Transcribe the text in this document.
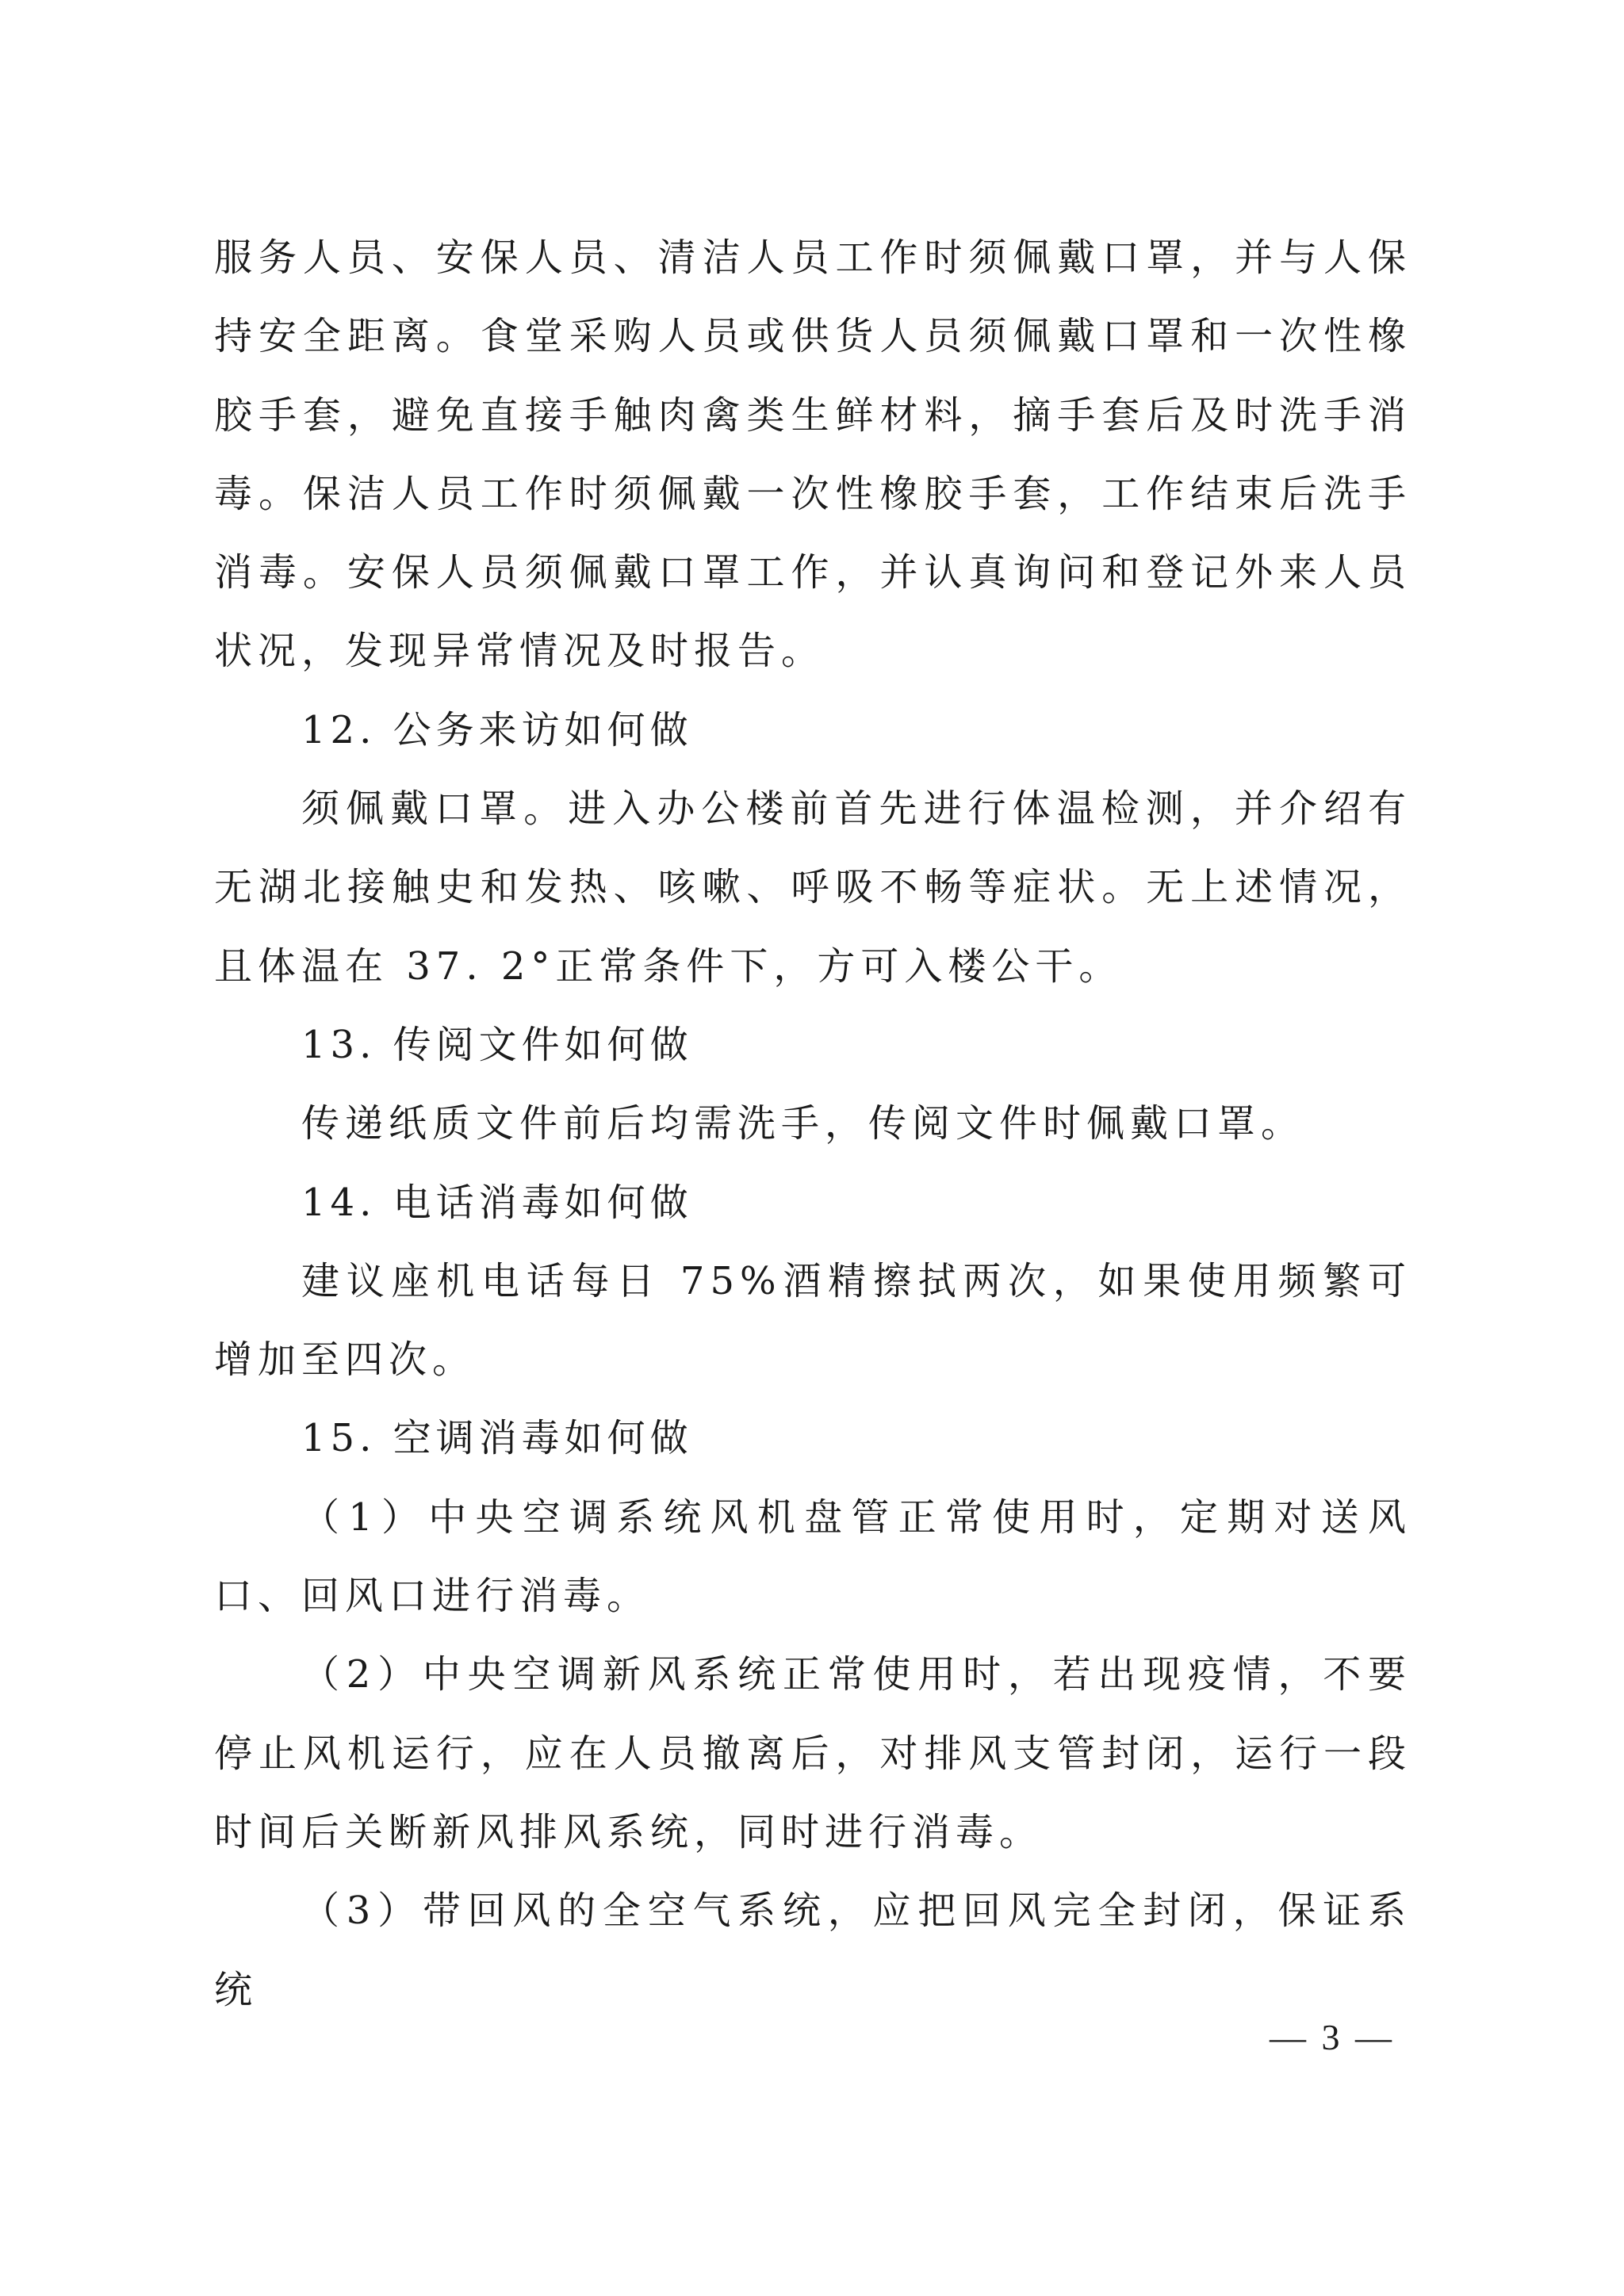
服务人员、安保人员、清洁人员工作时须佩戴口罩，并与人保持安全距离。食堂采购人员或供货人员须佩戴口罩和一次性橡胶手套，避免直接手触肉禽类生鲜材料，摘手套后及时洗手消毒。保洁人员工作时须佩戴一次性橡胶手套，工作结束后洗手消毒。安保人员须佩戴口罩工作，并认真询问和登记外来人员状况，发现异常情况及时报告。

12. 公务来访如何做

须佩戴口罩。进入办公楼前首先进行体温检测，并介绍有无湖北接触史和发热、咳嗽、呼吸不畅等症状。无上述情况，且体温在 37. 2°正常条件下，方可入楼公干。

13. 传阅文件如何做

传递纸质文件前后均需洗手，传阅文件时佩戴口罩。

14. 电话消毒如何做

建议座机电话每日 75%酒精擦拭两次，如果使用频繁可增加至四次。

15. 空调消毒如何做

（1）中央空调系统风机盘管正常使用时，定期对送风口、回风口进行消毒。

（2）中央空调新风系统正常使用时，若出现疫情，不要停止风机运行，应在人员撤离后，对排风支管封闭，运行一段时间后关断新风排风系统，同时进行消毒。

（3）带回风的全空气系统，应把回风完全封闭，保证系统

— 3 —
